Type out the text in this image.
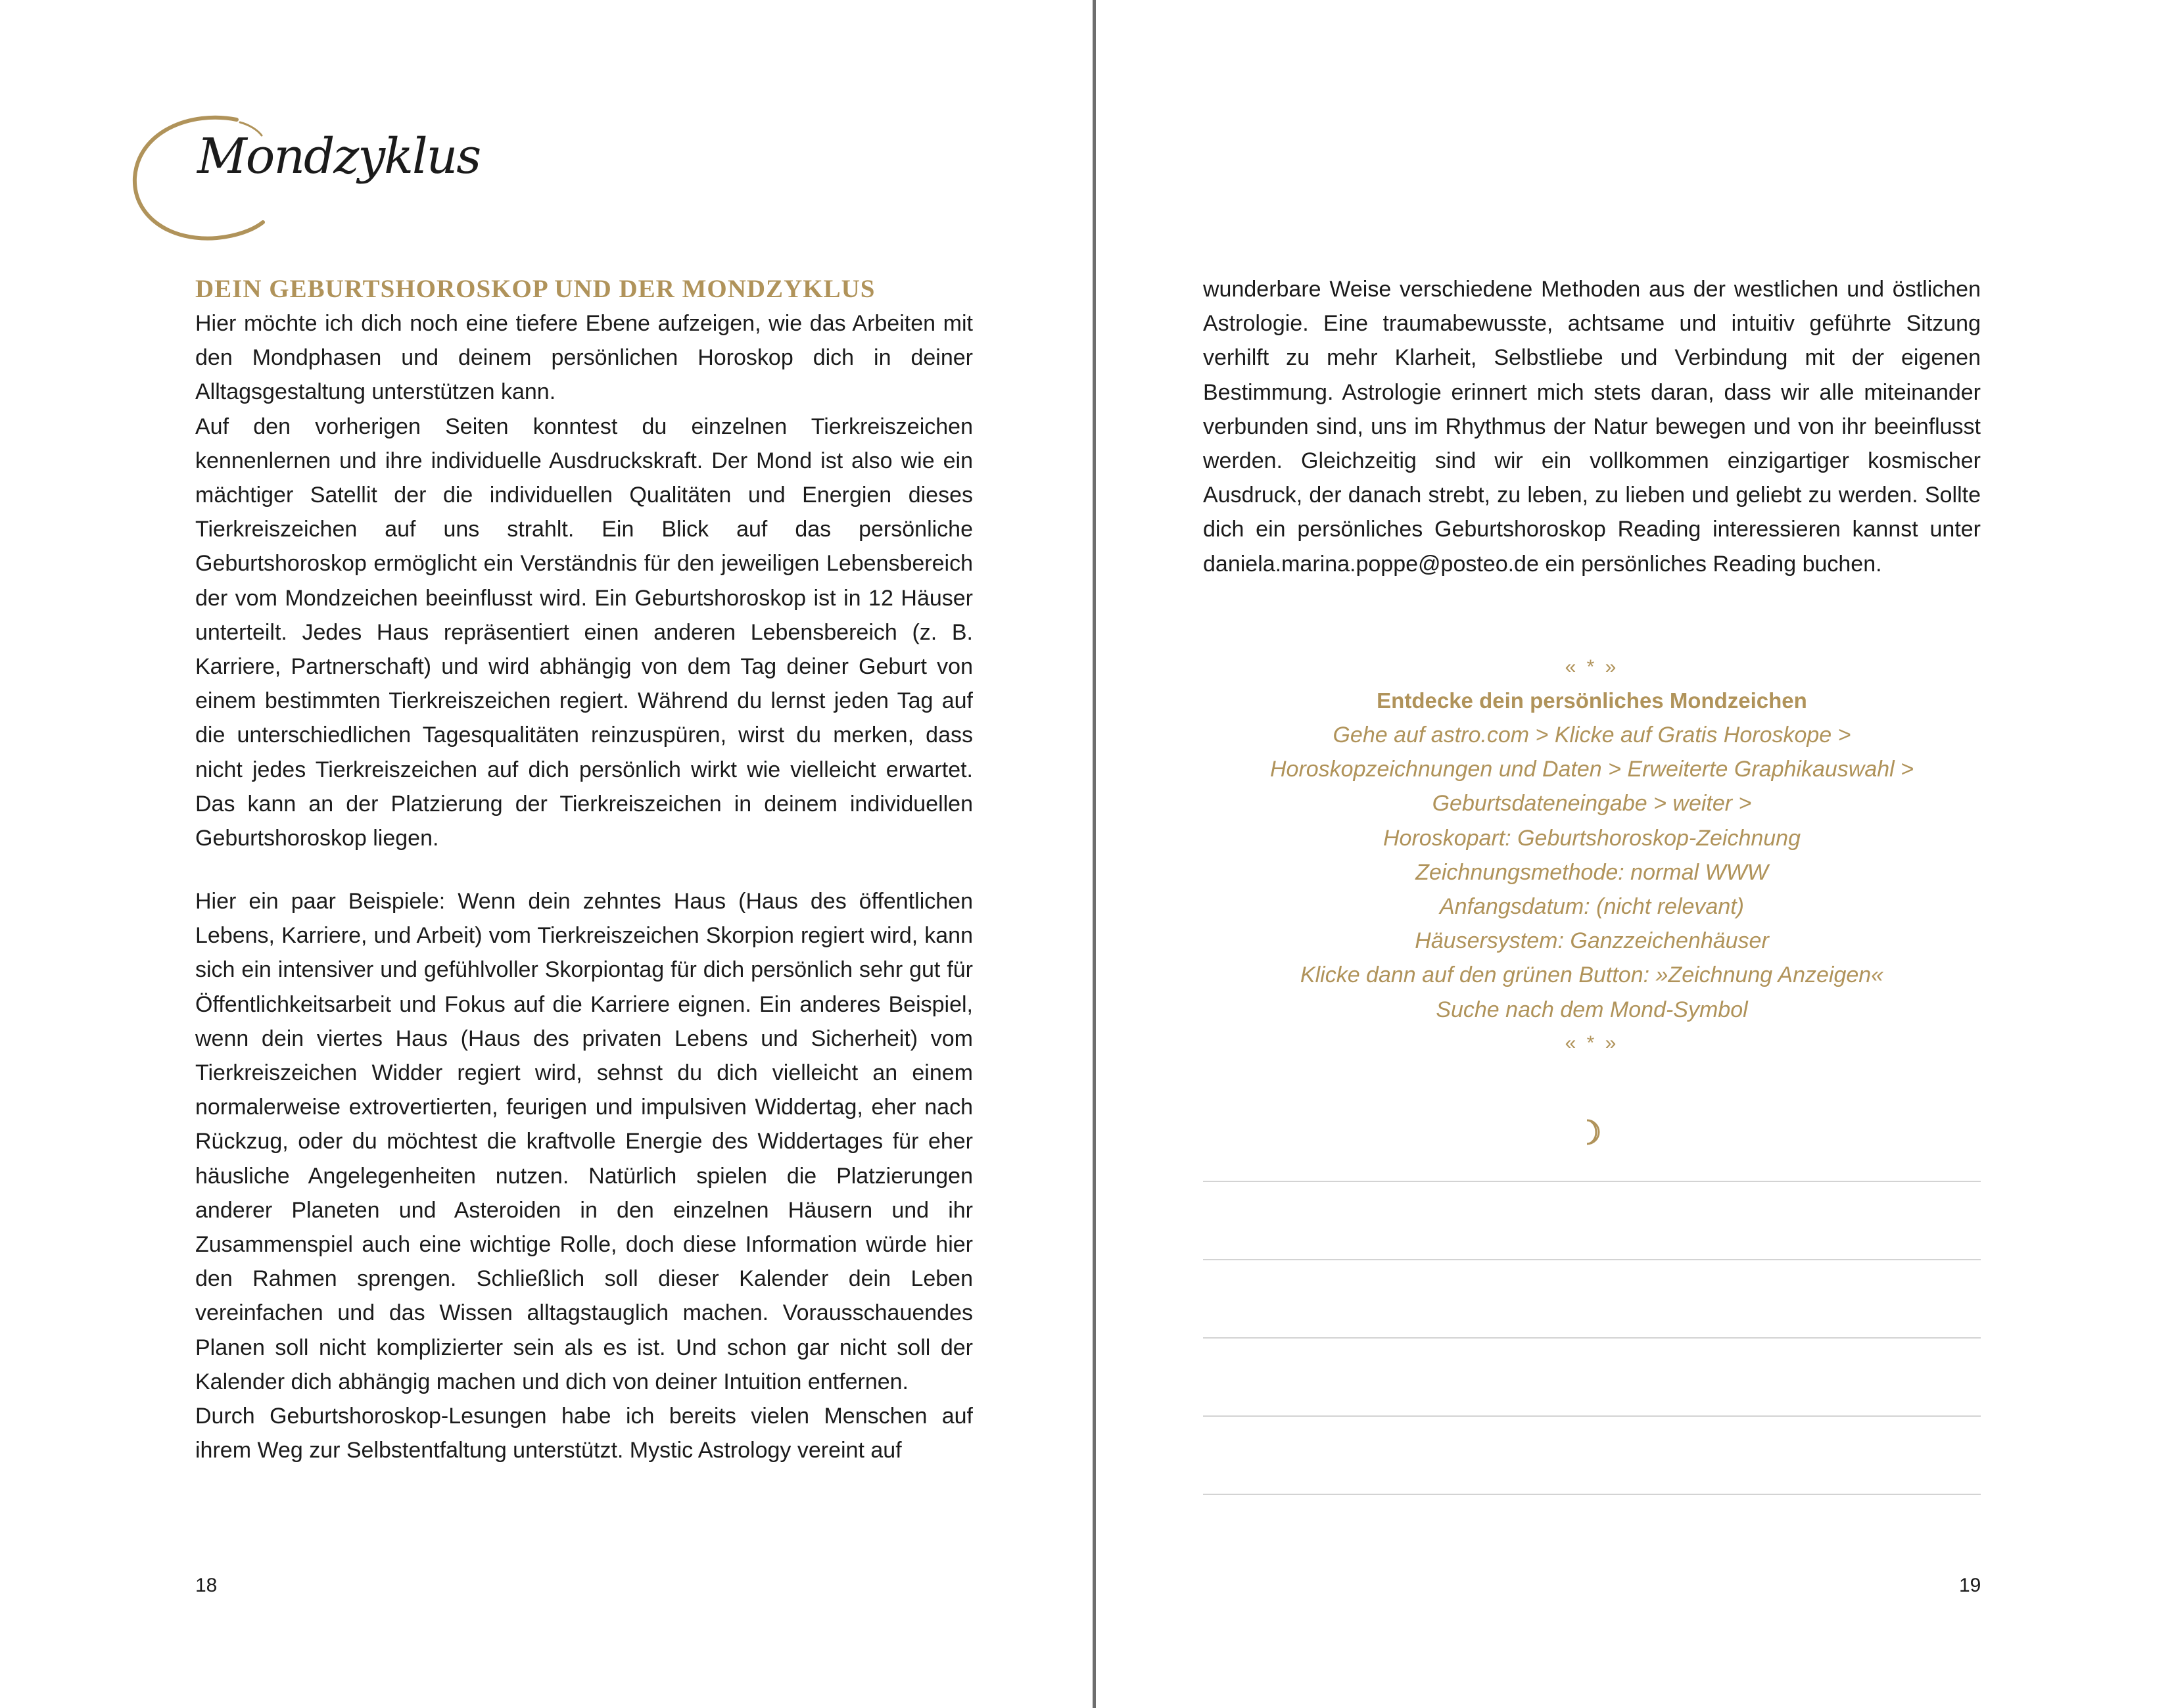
Mondzyklus
DEIN GEBURTSHOROSKOP UND DER MONDZYKLUS

Hier möchte ich dich noch eine tiefere Ebene aufzeigen, wie das Arbeiten mit den Mondphasen und deinem persönlichen Horoskop dich in deiner Alltagsgestaltung unterstützen kann.

Auf den vorherigen Seiten konntest du einzelnen Tierkreiszeichen kennenlernen und ihre individuelle Ausdruckskraft. Der Mond ist also wie ein mächtiger Satellit der die individuellen Qualitäten und Energien dieses Tierkreiszeichen auf uns strahlt. Ein Blick auf das persönliche Geburtshoroskop ermöglicht ein Verständnis für den jeweiligen Lebensbereich der vom Mondzeichen beeinflusst wird. Ein Geburtshoroskop ist in 12 Häuser unterteilt. Jedes Haus repräsentiert einen anderen Lebensbereich (z. B. Karriere, Partnerschaft) und wird abhängig von dem Tag deiner Geburt von einem bestimmten Tierkreiszeichen regiert. Während du lernst jeden Tag auf die unterschiedlichen Tagesqualitäten reinzuspüren, wirst du merken, dass nicht jedes Tierkreiszeichen auf dich persönlich wirkt wie vielleicht erwartet. Das kann an der Platzierung der Tierkreiszeichen in deinem individuellen Geburtshoroskop liegen.

Hier ein paar Beispiele: Wenn dein zehntes Haus (Haus des öffentlichen Lebens, Karriere, und Arbeit) vom Tierkreiszeichen Skorpion regiert wird, kann sich ein intensiver und gefühlvoller Skorpiontag für dich persönlich sehr gut für Öffentlichkeitsarbeit und Fokus auf die Karriere eignen. Ein anderes Beispiel, wenn dein viertes Haus (Haus des privaten Lebens und Sicherheit) vom Tierkreiszeichen Widder regiert wird, sehnst du dich vielleicht an einem normalerweise extrovertierten, feurigen und impulsiven Widdertag, eher nach Rückzug, oder du möchtest die kraftvolle Energie des Widdertages für eher häusliche Angelegenheiten nutzen. Natürlich spielen die Platzierungen anderer Planeten und Asteroiden in den einzelnen Häusern und ihr Zusammenspiel auch eine wichtige Rolle, doch diese Information würde hier den Rahmen sprengen. Schließlich soll dieser Kalender dein Leben vereinfachen und das Wissen alltagstauglich machen. Vorausschauendes Planen soll nicht komplizierter sein als es ist. Und schon gar nicht soll der Kalender dich abhängig machen und dich von deiner Intuition entfernen.

Durch Geburtshoroskop-Lesungen habe ich bereits vielen Menschen auf ihrem Weg zur Selbstentfaltung unterstützt. Mystic Astrology vereint auf

18

wunderbare Weise verschiedene Methoden aus der westlichen und östlichen Astrologie. Eine traumabewusste, achtsame und intuitiv geführte Sitzung verhilft zu mehr Klarheit, Selbstliebe und Verbindung mit der eigenen Bestimmung. Astrologie erinnert mich stets daran, dass wir alle miteinander verbunden sind, uns im Rhythmus der Natur bewegen und von ihr beeinflusst werden. Gleichzeitig sind wir ein vollkommen einzigartiger kosmischer Ausdruck, der danach strebt, zu leben, zu lieben und geliebt zu werden. Sollte dich ein persönliches Geburtshoroskop Reading interessieren kannst unter daniela.marina.poppe@posteo.de ein persönliches Reading buchen.

« * »
Entdecke dein persönliches Mondzeichen
Gehe auf astro.com > Klicke auf Gratis Horoskope >
Horoskopzeichnungen und Daten > Erweiterte Graphikauswahl >
Geburtsdateneingabe > weiter >
Horoskopart: Geburtshoroskop-Zeichnung
Zeichnungsmethode: normal WWW
Anfangsdatum: (nicht relevant)
Häusersystem: Ganzzeichenhäuser
Klicke dann auf den grünen Button: »Zeichnung Anzeigen«
Suche nach dem Mond-Symbol
« * »
19
